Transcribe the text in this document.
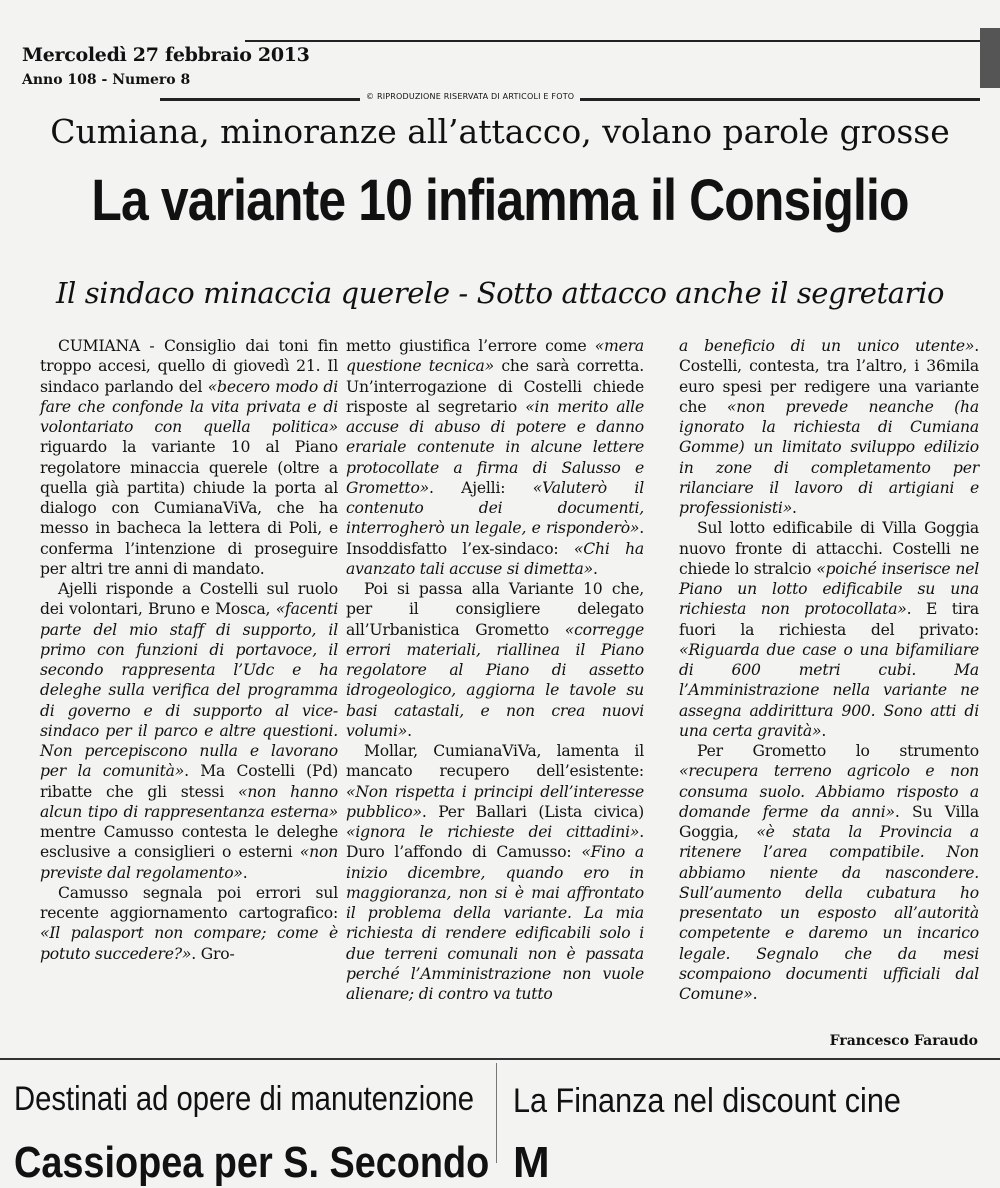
Mercoledì 27 febbraio 2013
Anno 108 - Numero 8
© RIPRODUZIONE RISERVATA DI ARTICOLI E FOTO
Cumiana, minoranze all’attacco, volano parole grosse
La variante 10 infiamma il Consiglio
Il sindaco minaccia querele - Sotto attacco anche il segretario

CUMIANA - Consiglio dai toni fin troppo accesi, quello di giovedì 21. Il sindaco parlando del «becero modo di fare che confonde la vita privata e di volontariato con quella politica» riguardo la variante 10 al Piano regolatore minaccia querele (oltre a quella già partita) chiude la porta al dialogo con CumianaViVa, che ha messo in bacheca la lettera di Poli, e conferma l’intenzione di proseguire per altri tre anni di mandato.

Ajelli risponde a Costelli sul ruolo dei volontari, Bruno e Mosca, «facenti parte del mio staff di supporto, il primo con funzioni di portavoce, il secondo rappresenta l’Udc e ha deleghe sulla verifica del programma di governo e di supporto al vice-sindaco per il parco e altre questioni. Non percepiscono nulla e lavorano per la comunità». Ma Costelli (Pd) ribatte che gli stessi «non hanno alcun tipo di rappresentanza esterna» mentre Camusso contesta le deleghe esclusive a consiglieri o esterni «non previste dal regolamento».

Camusso segnala poi errori sul recente aggiornamento cartografico: «Il palasport non compare; come è potuto succedere?». Gro-

metto giustifica l’errore come «mera questione tecnica» che sarà corretta. Un’interrogazione di Costelli chiede risposte al segretario «in merito alle accuse di abuso di potere e danno erariale contenute in alcune lettere protocollate a firma di Salusso e Grometto». Ajelli: «Valuterò il contenuto dei documenti, interrogherò un legale, e risponderò». Insoddisfatto l’ex-sindaco: «Chi ha avanzato tali accuse si dimetta».

Poi si passa alla Variante 10 che, per il consigliere delegato all’Urbanistica Grometto «corregge errori materiali, riallinea il Piano regolatore al Piano di assetto idrogeologico, aggiorna le tavole su basi catastali, e non crea nuovi volumi».

Mollar, CumianaViVa, lamenta il mancato recupero dell’esistente: «Non rispetta i principi dell’interesse pubblico». Per Ballari (Lista civica) «ignora le richieste dei cittadini». Duro l’affondo di Camusso: «Fino a inizio dicembre, quando ero in maggioranza, non si è mai affrontato il problema della variante. La mia richiesta di rendere edificabili solo i due terreni comunali non è passata perché l’Amministrazione non vuole alienare; di contro va tutto

a beneficio di un unico utente». Costelli, contesta, tra l’altro, i 36mila euro spesi per redigere una variante che «non prevede neanche (ha ignorato la richiesta di Cumiana Gomme) un limitato sviluppo edilizio in zone di completamento per rilanciare il lavoro di artigiani e professionisti».

Sul lotto edificabile di Villa Goggia nuovo fronte di attacchi. Costelli ne chiede lo stralcio «poiché inserisce nel Piano un lotto edificabile su una richiesta non protocollata». E tira fuori la richiesta del privato: «Riguarda due case o una bifamiliare di 600 metri cubi. Ma l’Amministrazione nella variante ne assegna addirittura 900. Sono atti di una certa gravità».

Per Grometto lo strumento «recupera terreno agricolo e non consuma suolo. Abbiamo risposto a domande ferme da anni». Su Villa Goggia, «è stata la Provincia a ritenere l’area compatibile. Non abbiamo niente da nascondere. Sull’aumento della cubatura ho presentato un esposto all’autorità competente e daremo un incarico legale. Segnalo che da mesi scompaiono documenti ufficiali dal Comune».

Francesco Faraudo
Destinati ad opere di manutenzione
Cassiopea per S. Secondo
La Finanza nel discount cine
M
